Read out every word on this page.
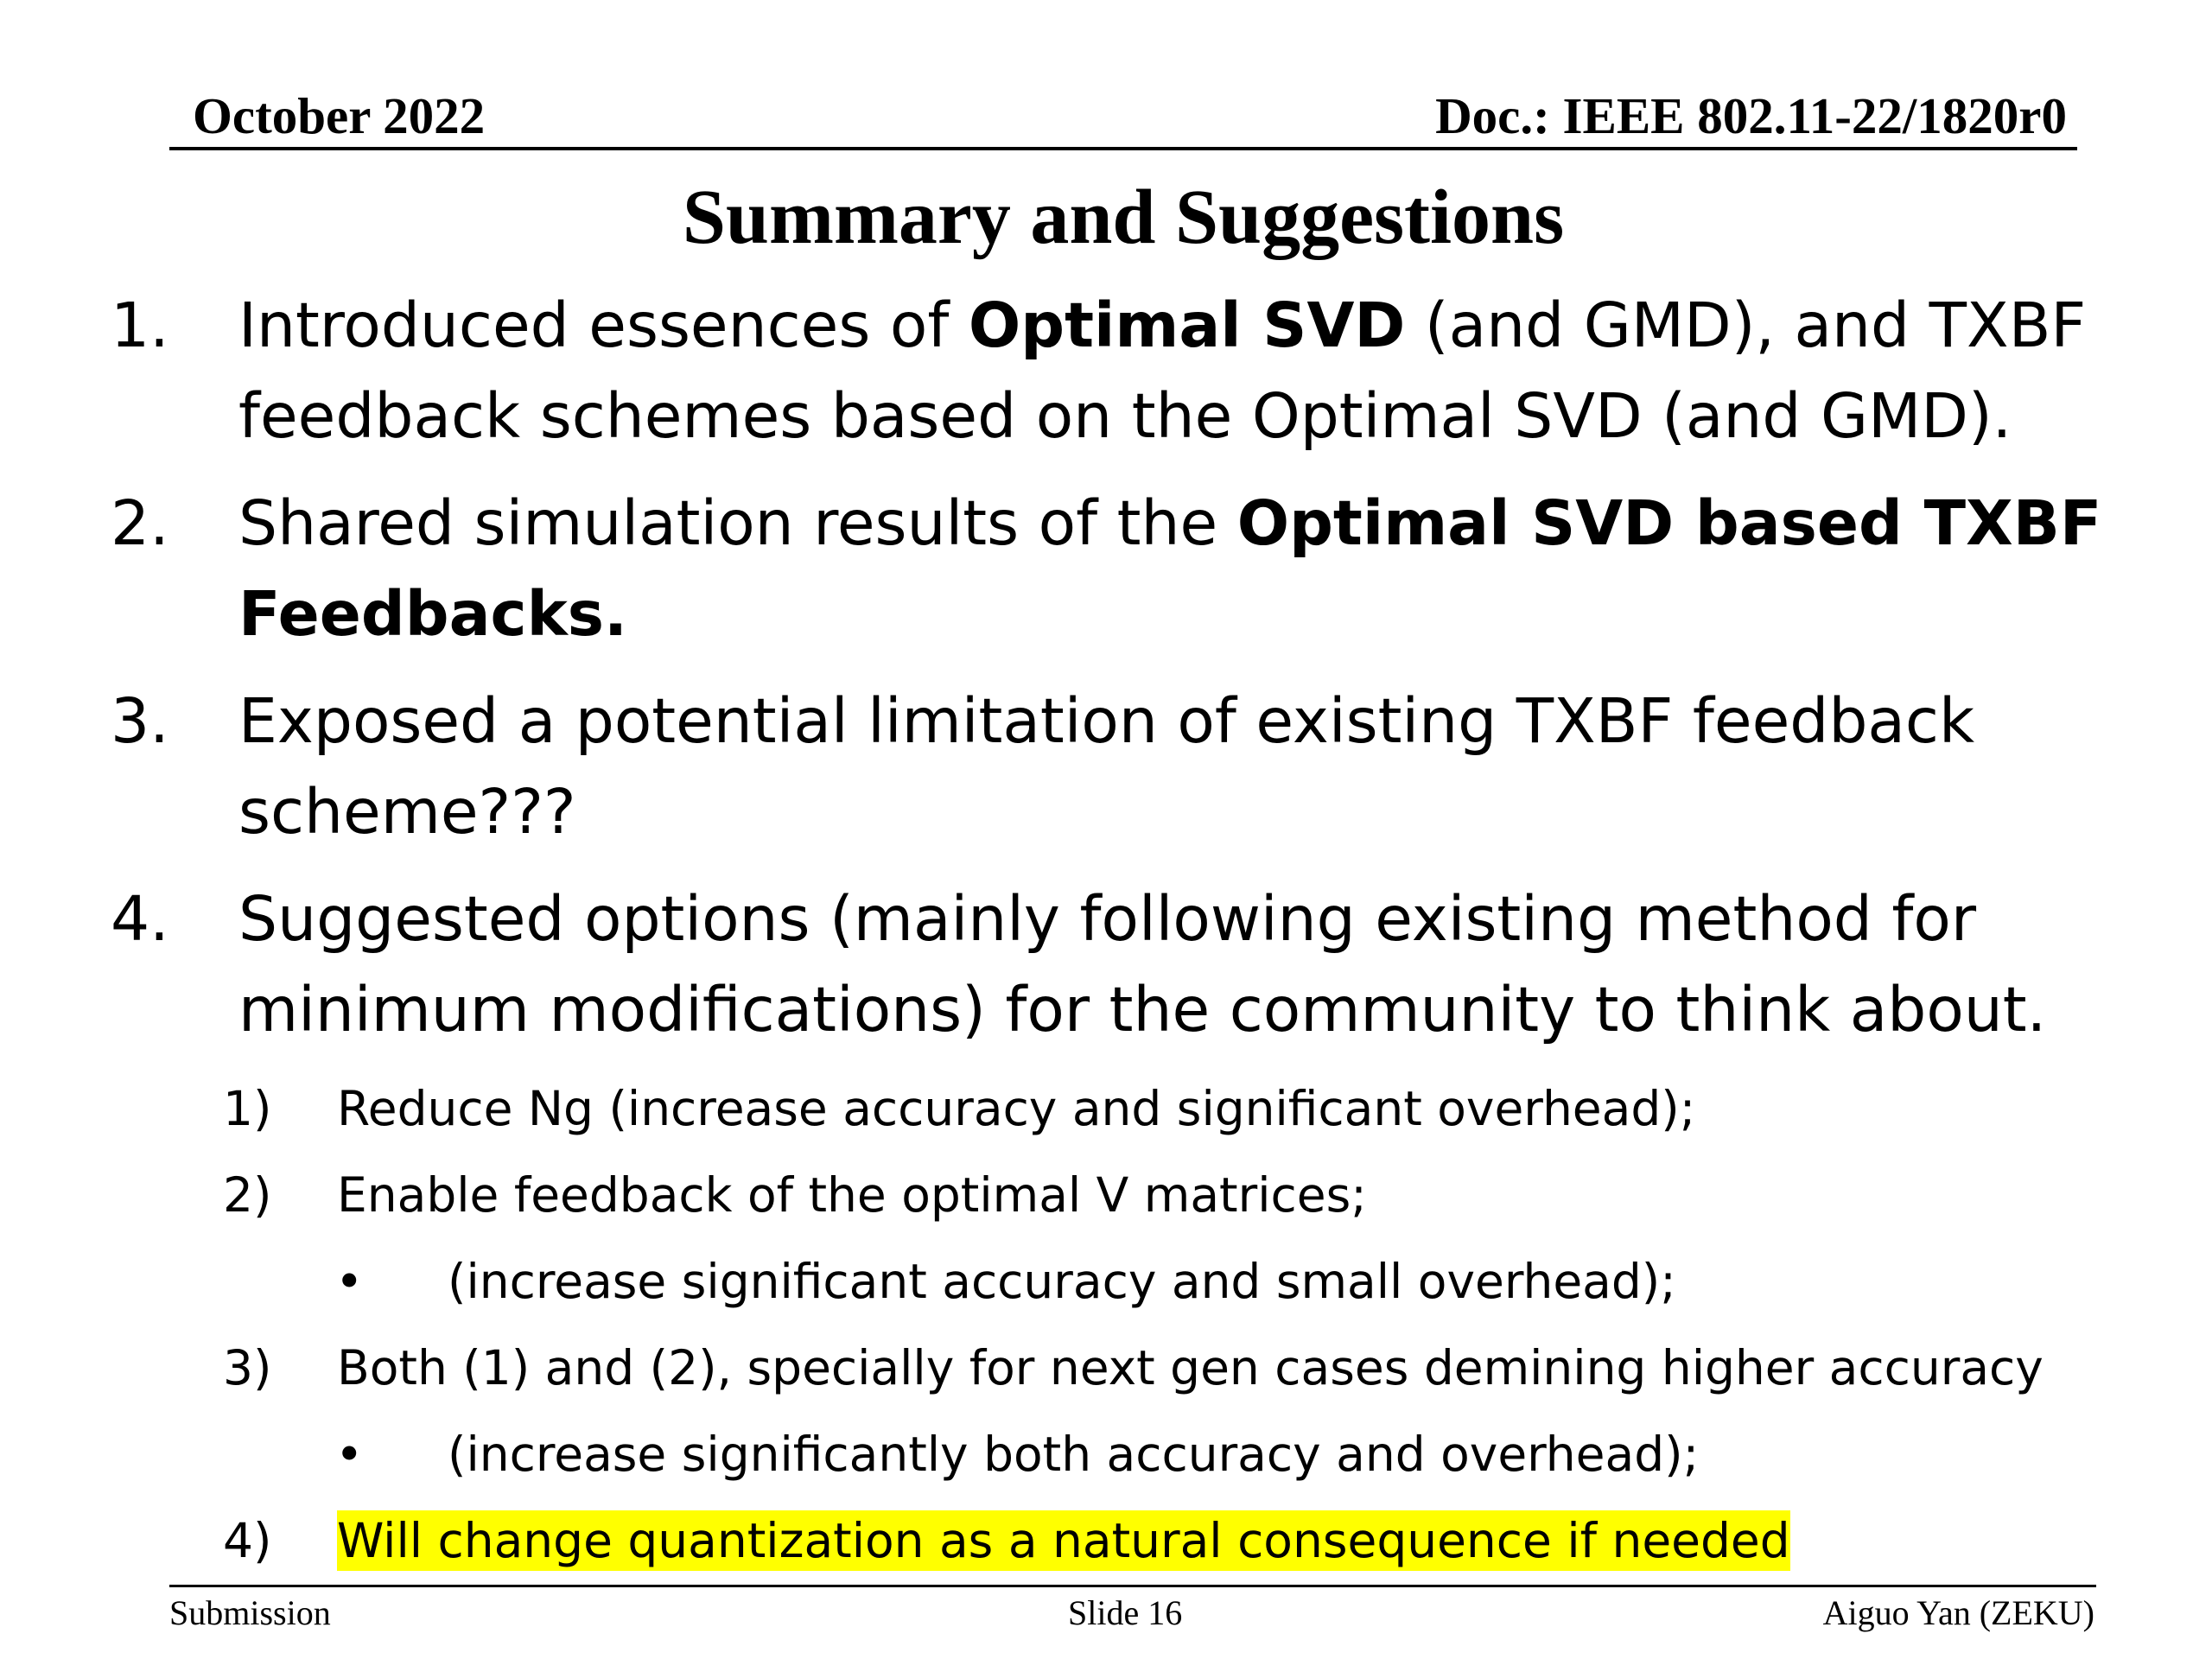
October 2022	Doc.: IEEE 802.11-22/1820r0
Summary and Suggestions
1. Introduced essences of Optimal SVD (and GMD), and TXBF
feedback schemes based on the Optimal SVD (and GMD).
2. Shared simulation results of the Optimal SVD based TXBF
Feedbacks.
3. Exposed a potential limitation of existing TXBF feedback
scheme???
4. Suggested options (mainly following existing method for
minimum modifications) for the community to think about.
1) Reduce Ng (increase accuracy and significant overhead);
2) Enable feedback of the optimal V matrices;
• (increase significant accuracy and small overhead);
3) Both (1) and (2), specially for next gen cases demining higher accuracy
• (increase significantly both accuracy and overhead);
4) Will change quantization as a natural consequence if needed
Submission	Slide 16	Aiguo Yan (ZEKU)
